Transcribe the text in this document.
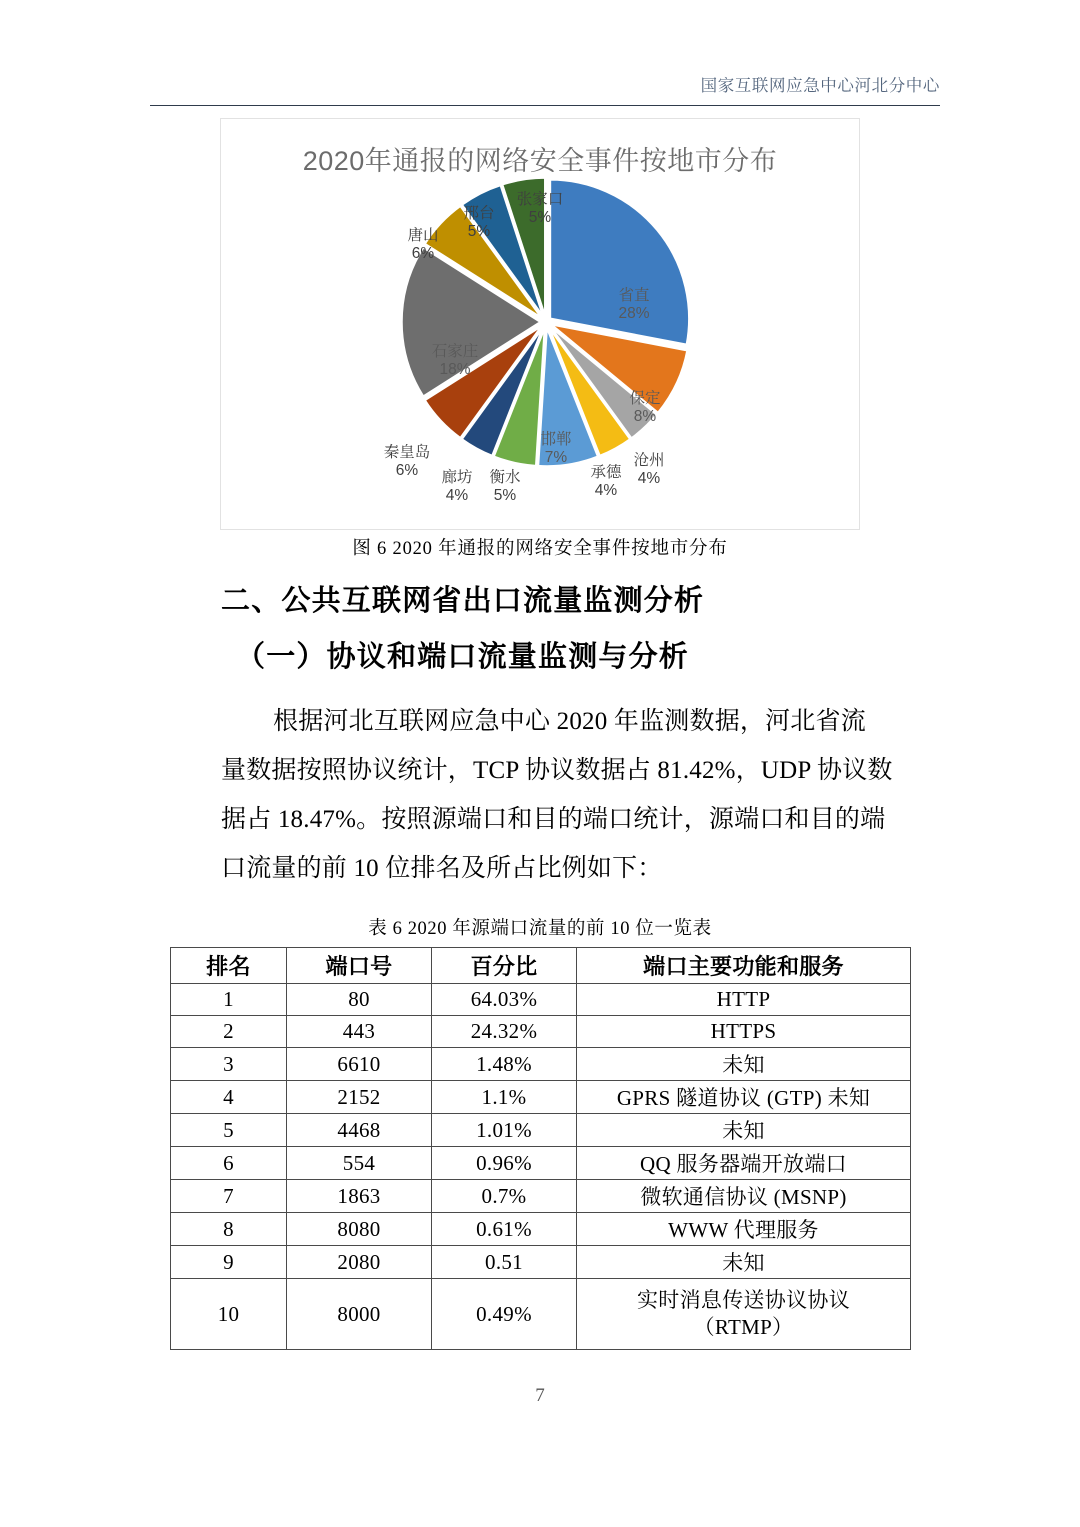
国家互联网应急中心河北分中心
2020年通报的网络安全事件按地市分布
省直
28%
保定
8%
沧州
4%
承德
4%
邯郸
7%
衡水
5%
廊坊
4%
秦皇岛
6%
石家庄
18%
唐山
6%
邢台
5%
张家口
5%
图 6 2020 年通报的网络安全事件按地市分布
二、公共互联网省出口流量监测分析
（一）协议和端口流量监测与分析
根据河北互联网应急中心 2020 年监测数据，河北省流
量数据按照协议统计，TCP 协议数据占 81.42%，UDP 协议数
据占 18.47%。按照源端口和目的端口统计，源端口和目的端
口流量的前 10 位排名及所占比例如下：
表 6 2020 年源端口流量的前 10 位一览表
排名	端口号	百分比	端口主要功能和服务
1	80	64.03%	HTTP
2	443	24.32%	HTTPS
3	6610	1.48%	未知
4	2152	1.1%	GPRS 隧道协议 (GTP) 未知
5	4468	1.01%	未知
6	554	0.96%	QQ 服务器端开放端口
7	1863	0.7%	微软通信协议 (MSNP)
8	8080	0.61%	WWW 代理服务
9	2080	0.51	未知
10	8000	0.49%	实时消息传送协议协议
（RTMP）
7
